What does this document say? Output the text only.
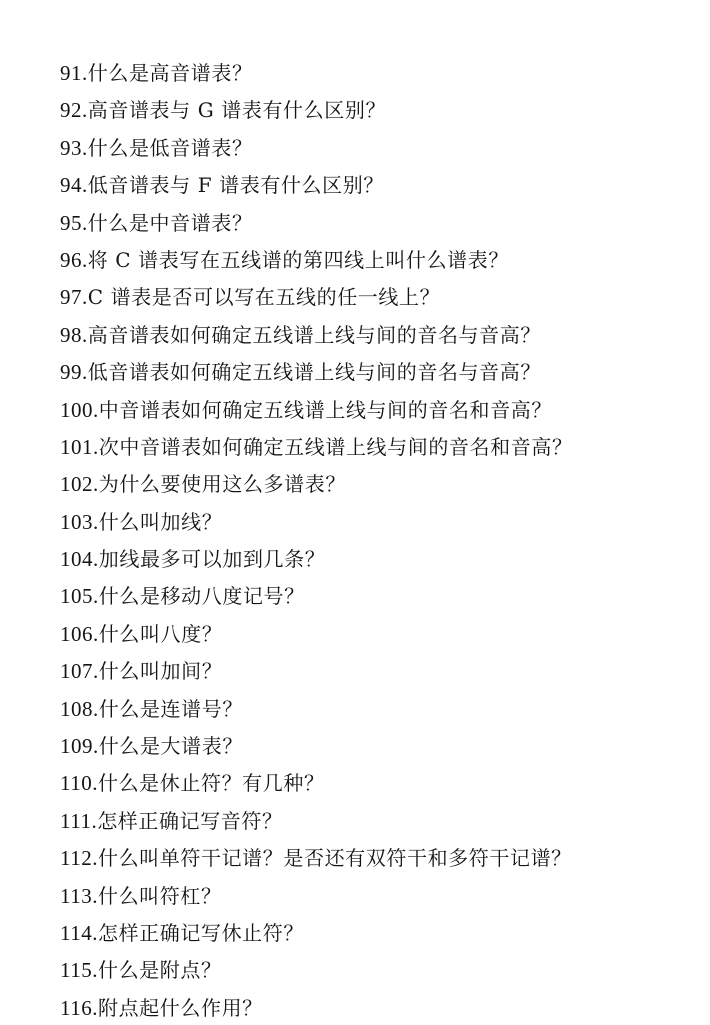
91.什么是高音谱表？
92.高音谱表与 G 谱表有什么区别？
93.什么是低音谱表？
94.低音谱表与 F 谱表有什么区别？
95.什么是中音谱表？
96.将 C 谱表写在五线谱的第四线上叫什么谱表？
97.C 谱表是否可以写在五线的任一线上？
98.高音谱表如何确定五线谱上线与间的音名与音高？
99.低音谱表如何确定五线谱上线与间的音名与音高？
100.中音谱表如何确定五线谱上线与间的音名和音高？
101.次中音谱表如何确定五线谱上线与间的音名和音高？
102.为什么要使用这么多谱表？
103.什么叫加线？
104.加线最多可以加到几条？
105.什么是移动八度记号？
106.什么叫八度？
107.什么叫加间？
108.什么是连谱号？
109.什么是大谱表？
110.什么是休止符？有几种？
111.怎样正确记写音符？
112.什么叫单符干记谱？是否还有双符干和多符干记谱？
113.什么叫符杠？
114.怎样正确记写休止符？
115.什么是附点？
116.附点起什么作用？
